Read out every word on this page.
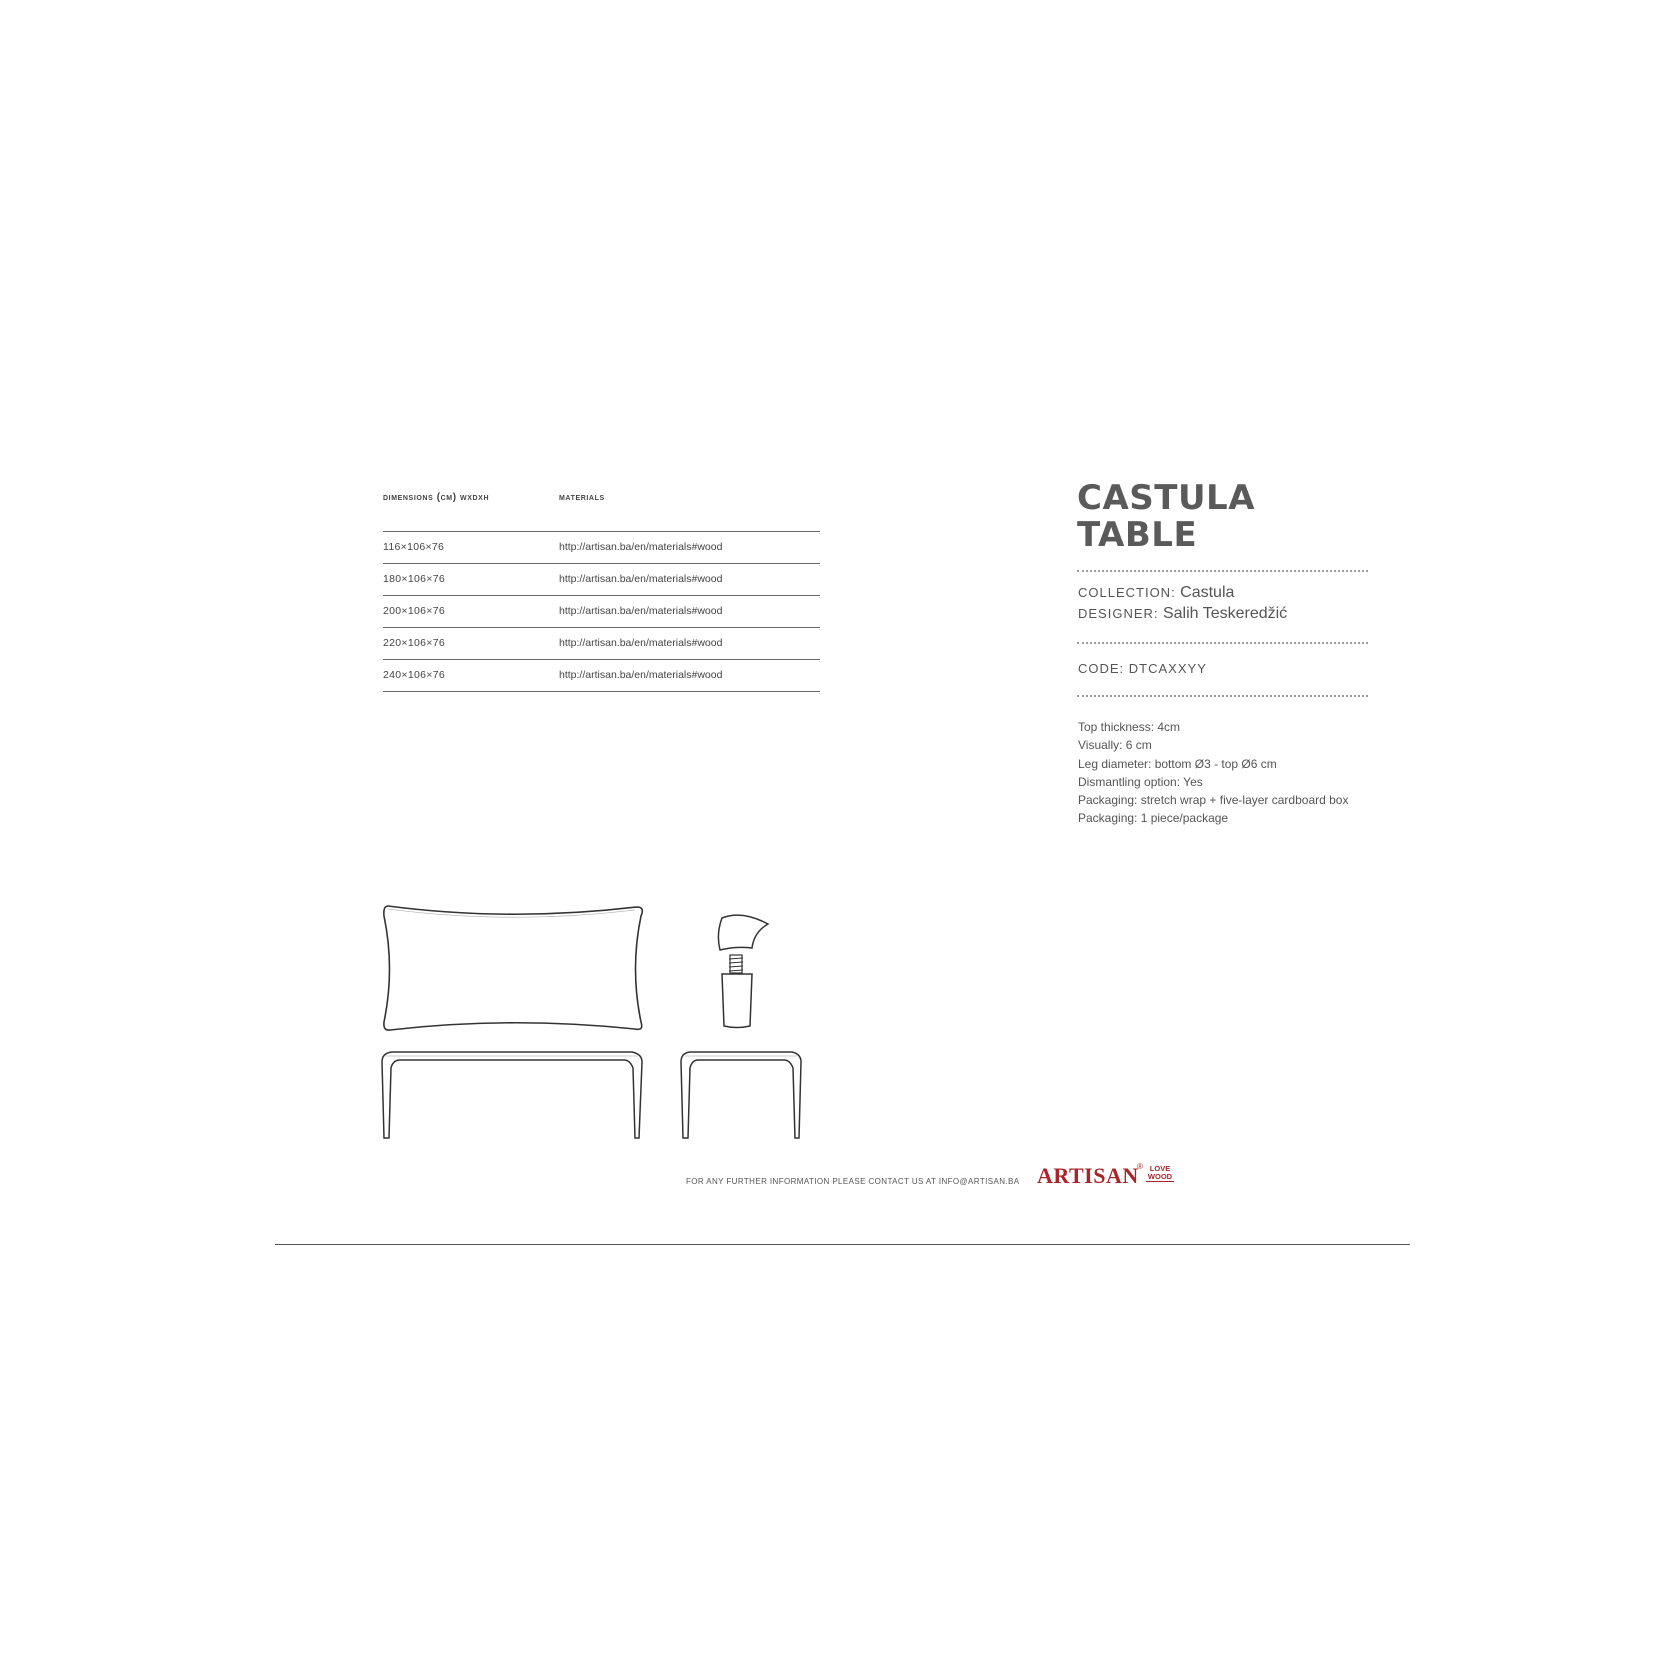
dimensions (cm) wxdxh	materials
116×106×76	http://artisan.ba/en/materials#wood
180×106×76	http://artisan.ba/en/materials#wood
200×106×76	http://artisan.ba/en/materials#wood
220×106×76	http://artisan.ba/en/materials#wood
240×106×76	http://artisan.ba/en/materials#wood
CASTULA
TABLE
COLLECTION: Castula
DESIGNER: Salih Teskeredžić
CODE: DTCAXXYY
Top thickness: 4cm
Visually: 6 cm
Leg diameter: bottom Ø3 - top Ø6 cm
Dismantling option: Yes
Packaging: stretch wrap + five-layer cardboard box
Packaging: 1 piece/package
FOR ANY FURTHER INFORMATION PLEASE CONTACT US AT INFO@ARTISAN.BA ARTISAN
® LOVE
WOOD
